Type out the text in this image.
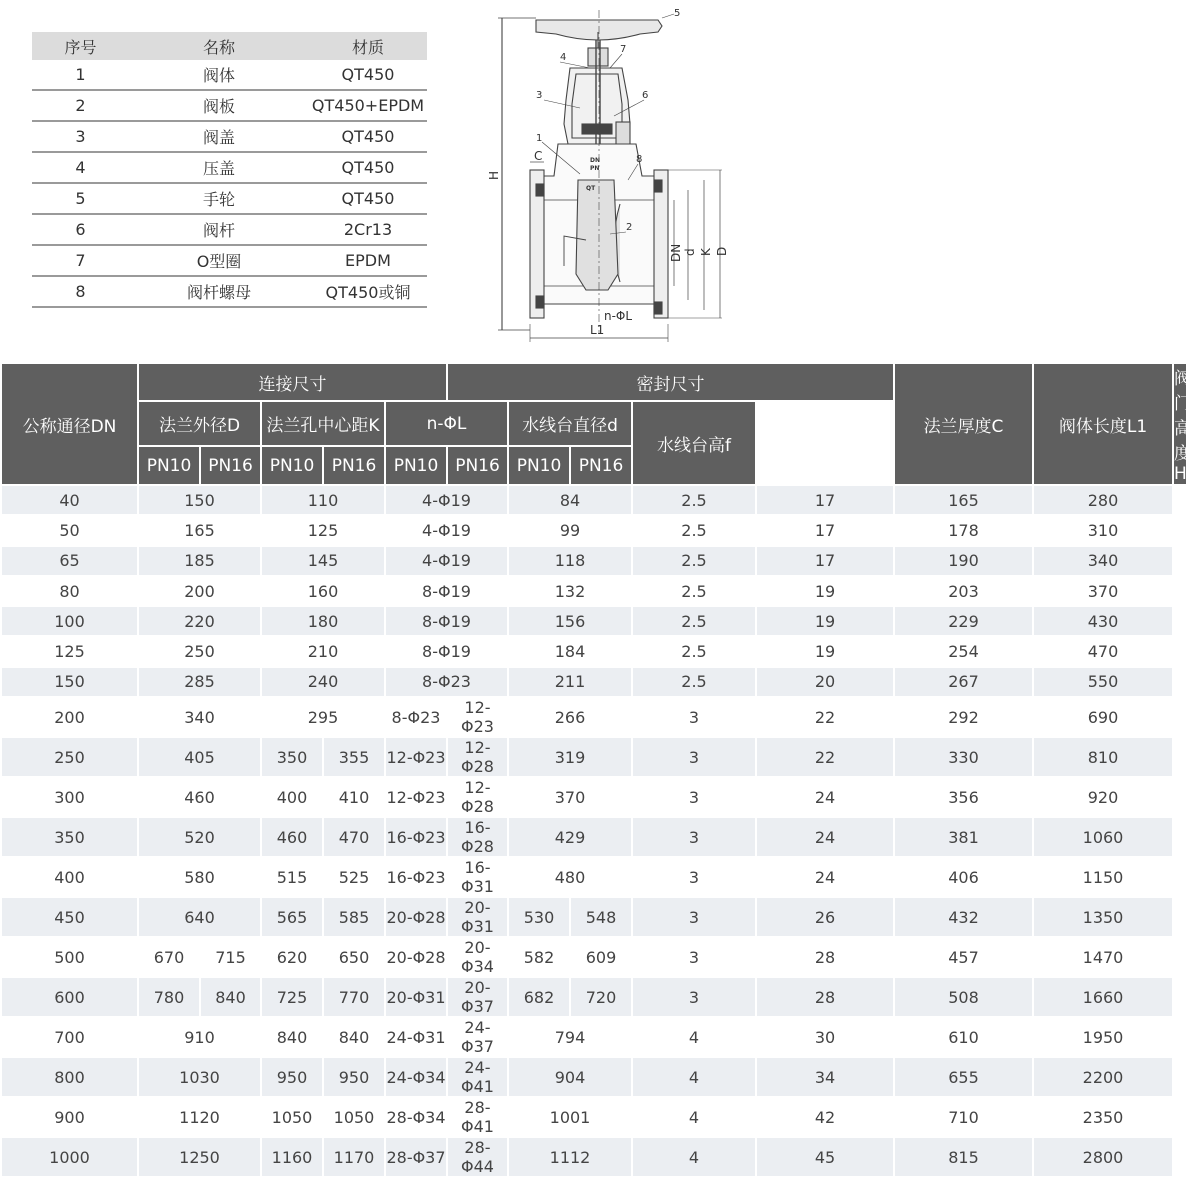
序号	名称	材质
1	阀体	QT450
2	阀板	QT450+EPDM
3	阀盖	QT450
4	压盖	QT450
5	手轮	QT450
6	阀杆	2Cr13
7	O型圈	EPDM
8	阀杆螺母	QT450或铜
1
2
3
4
5
6
7
8
H
C
DN d K D
n-ΦL
L1
DN
PN
QT
公称通径DN	连接尺寸					密封尺寸					法兰厚度C	阀体长度L1	阀门高度H
	法兰外径D		法兰孔中心距K		n-ΦL		水线台直径d		水线台高f				
	PN10	PN16	PN10	PN16	PN10	PN16	PN10	PN16					
40	150		110		4-Φ19		84		2.5	17	165	280	
50	165		125		4-Φ19		99		2.5	17	178	310	
65	185		145		4-Φ19		118		2.5	17	190	340	
80	200		160		8-Φ19		132		2.5	19	203	370	
100	220		180		8-Φ19		156		2.5	19	229	430	
125	250		210		8-Φ19		184		2.5	19	254	470	
150	285		240		8-Φ23		211		2.5	20	267	550	
200	340		295		8-Φ23	12-Φ23	266		3	22	292	690	
250	405		350	355	12-Φ23	12-Φ28	319		3	22	330	810	
300	460		400	410	12-Φ23	12-Φ28	370		3	24	356	920	
350	520		460	470	16-Φ23	16-Φ28	429		3	24	381	1060	
400	580		515	525	16-Φ23	16-Φ31	480		3	24	406	1150	
450	640		565	585	20-Φ28	20-Φ31	530	548	3	26	432	1350	
500	670	715	620	650	20-Φ28	20-Φ34	582	609	3	28	457	1470	
600	780	840	725	770	20-Φ31	20-Φ37	682	720	3	28	508	1660	
700	910		840	840	24-Φ31	24-Φ37	794		4	30	610	1950	
800	1030		950	950	24-Φ34	24-Φ41	904		4	34	655	2200	
900	1120		1050	1050	28-Φ34	28-Φ41	1001		4	42	710	2350	
1000	1250		1160	1170	28-Φ37	28-Φ44	1112		4	45	815	2800	
